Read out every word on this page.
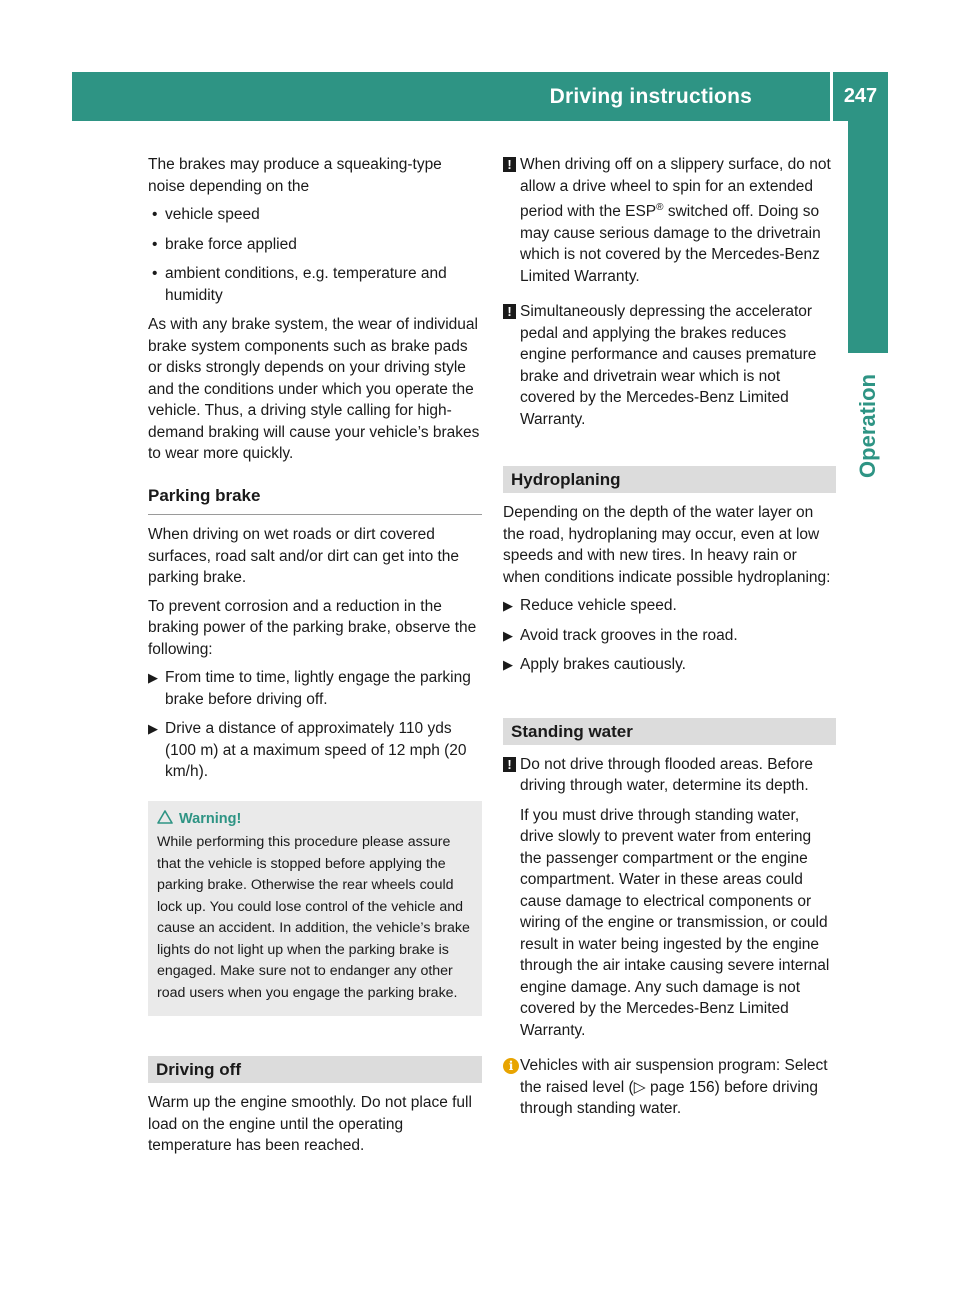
Driving instructions	247
Operation

The brakes may produce a squeaking-type noise depending on the

• vehicle speed
• brake force applied
• ambient conditions, e.g. temperature and humidity

As with any brake system, the wear of individual brake system components such as brake pads or disks strongly depends on your driving style and the conditions under which you operate the vehicle. Thus, a driving style calling for high-demand braking will cause your vehicle’s brakes to wear more quickly.

Parking brake

When driving on wet roads or dirt covered surfaces, road salt and/or dirt can get into the parking brake.

To prevent corrosion and a reduction in the braking power of the parking brake, observe the following:

▶ From time to time, lightly engage the parking brake before driving off.
▶ Drive a distance of approximately 110 yds (100 m) at a maximum speed of 12 mph (20 km/h).
Warning!
While performing this procedure please assure that the vehicle is stopped before applying the parking brake. Otherwise the rear wheels could lock up. You could lose control of the vehicle and cause an accident. In addition, the vehicle’s brake lights do not light up when the parking brake is engaged. Make sure not to endanger any other road users when you engage the parking brake.
Driving off

Warm up the engine smoothly. Do not place full load on the engine until the operating temperature has been reached.

! When driving off on a slippery surface, do not allow a drive wheel to spin for an extended period with the ESP® switched off. Doing so may cause serious damage to the drivetrain which is not covered by the Mercedes-Benz Limited Warranty.
! Simultaneously depressing the accelerator pedal and applying the brakes reduces engine performance and causes premature brake and drivetrain wear which is not covered by the Mercedes-Benz Limited Warranty.
Hydroplaning

Depending on the depth of the water layer on the road, hydroplaning may occur, even at low speeds and with new tires. In heavy rain or when conditions indicate possible hydroplaning:

▶ Reduce vehicle speed.
▶ Avoid track grooves in the road.
▶ Apply brakes cautiously.
Standing water
! Do not drive through flooded areas. Before driving through water, determine its depth.

If you must drive through standing water, drive slowly to prevent water from entering the passenger compartment or the engine compartment. Water in these areas could cause damage to electrical components or wiring of the engine or transmission, or could result in water being ingested by the engine through the air intake causing severe internal engine damage. Any such damage is not covered by the Mercedes-Benz Limited Warranty.

i Vehicles with air suspension program: Select the raised level (▷ page 156) before driving through standing water.
